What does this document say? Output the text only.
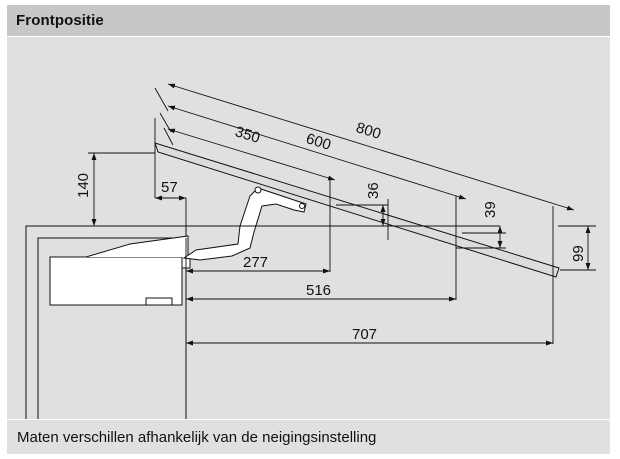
Frontpositie
Maten verschillen afhankelijk van de neigingsinstelling
800
600
350
140	57	36
39
99
277
516
707
